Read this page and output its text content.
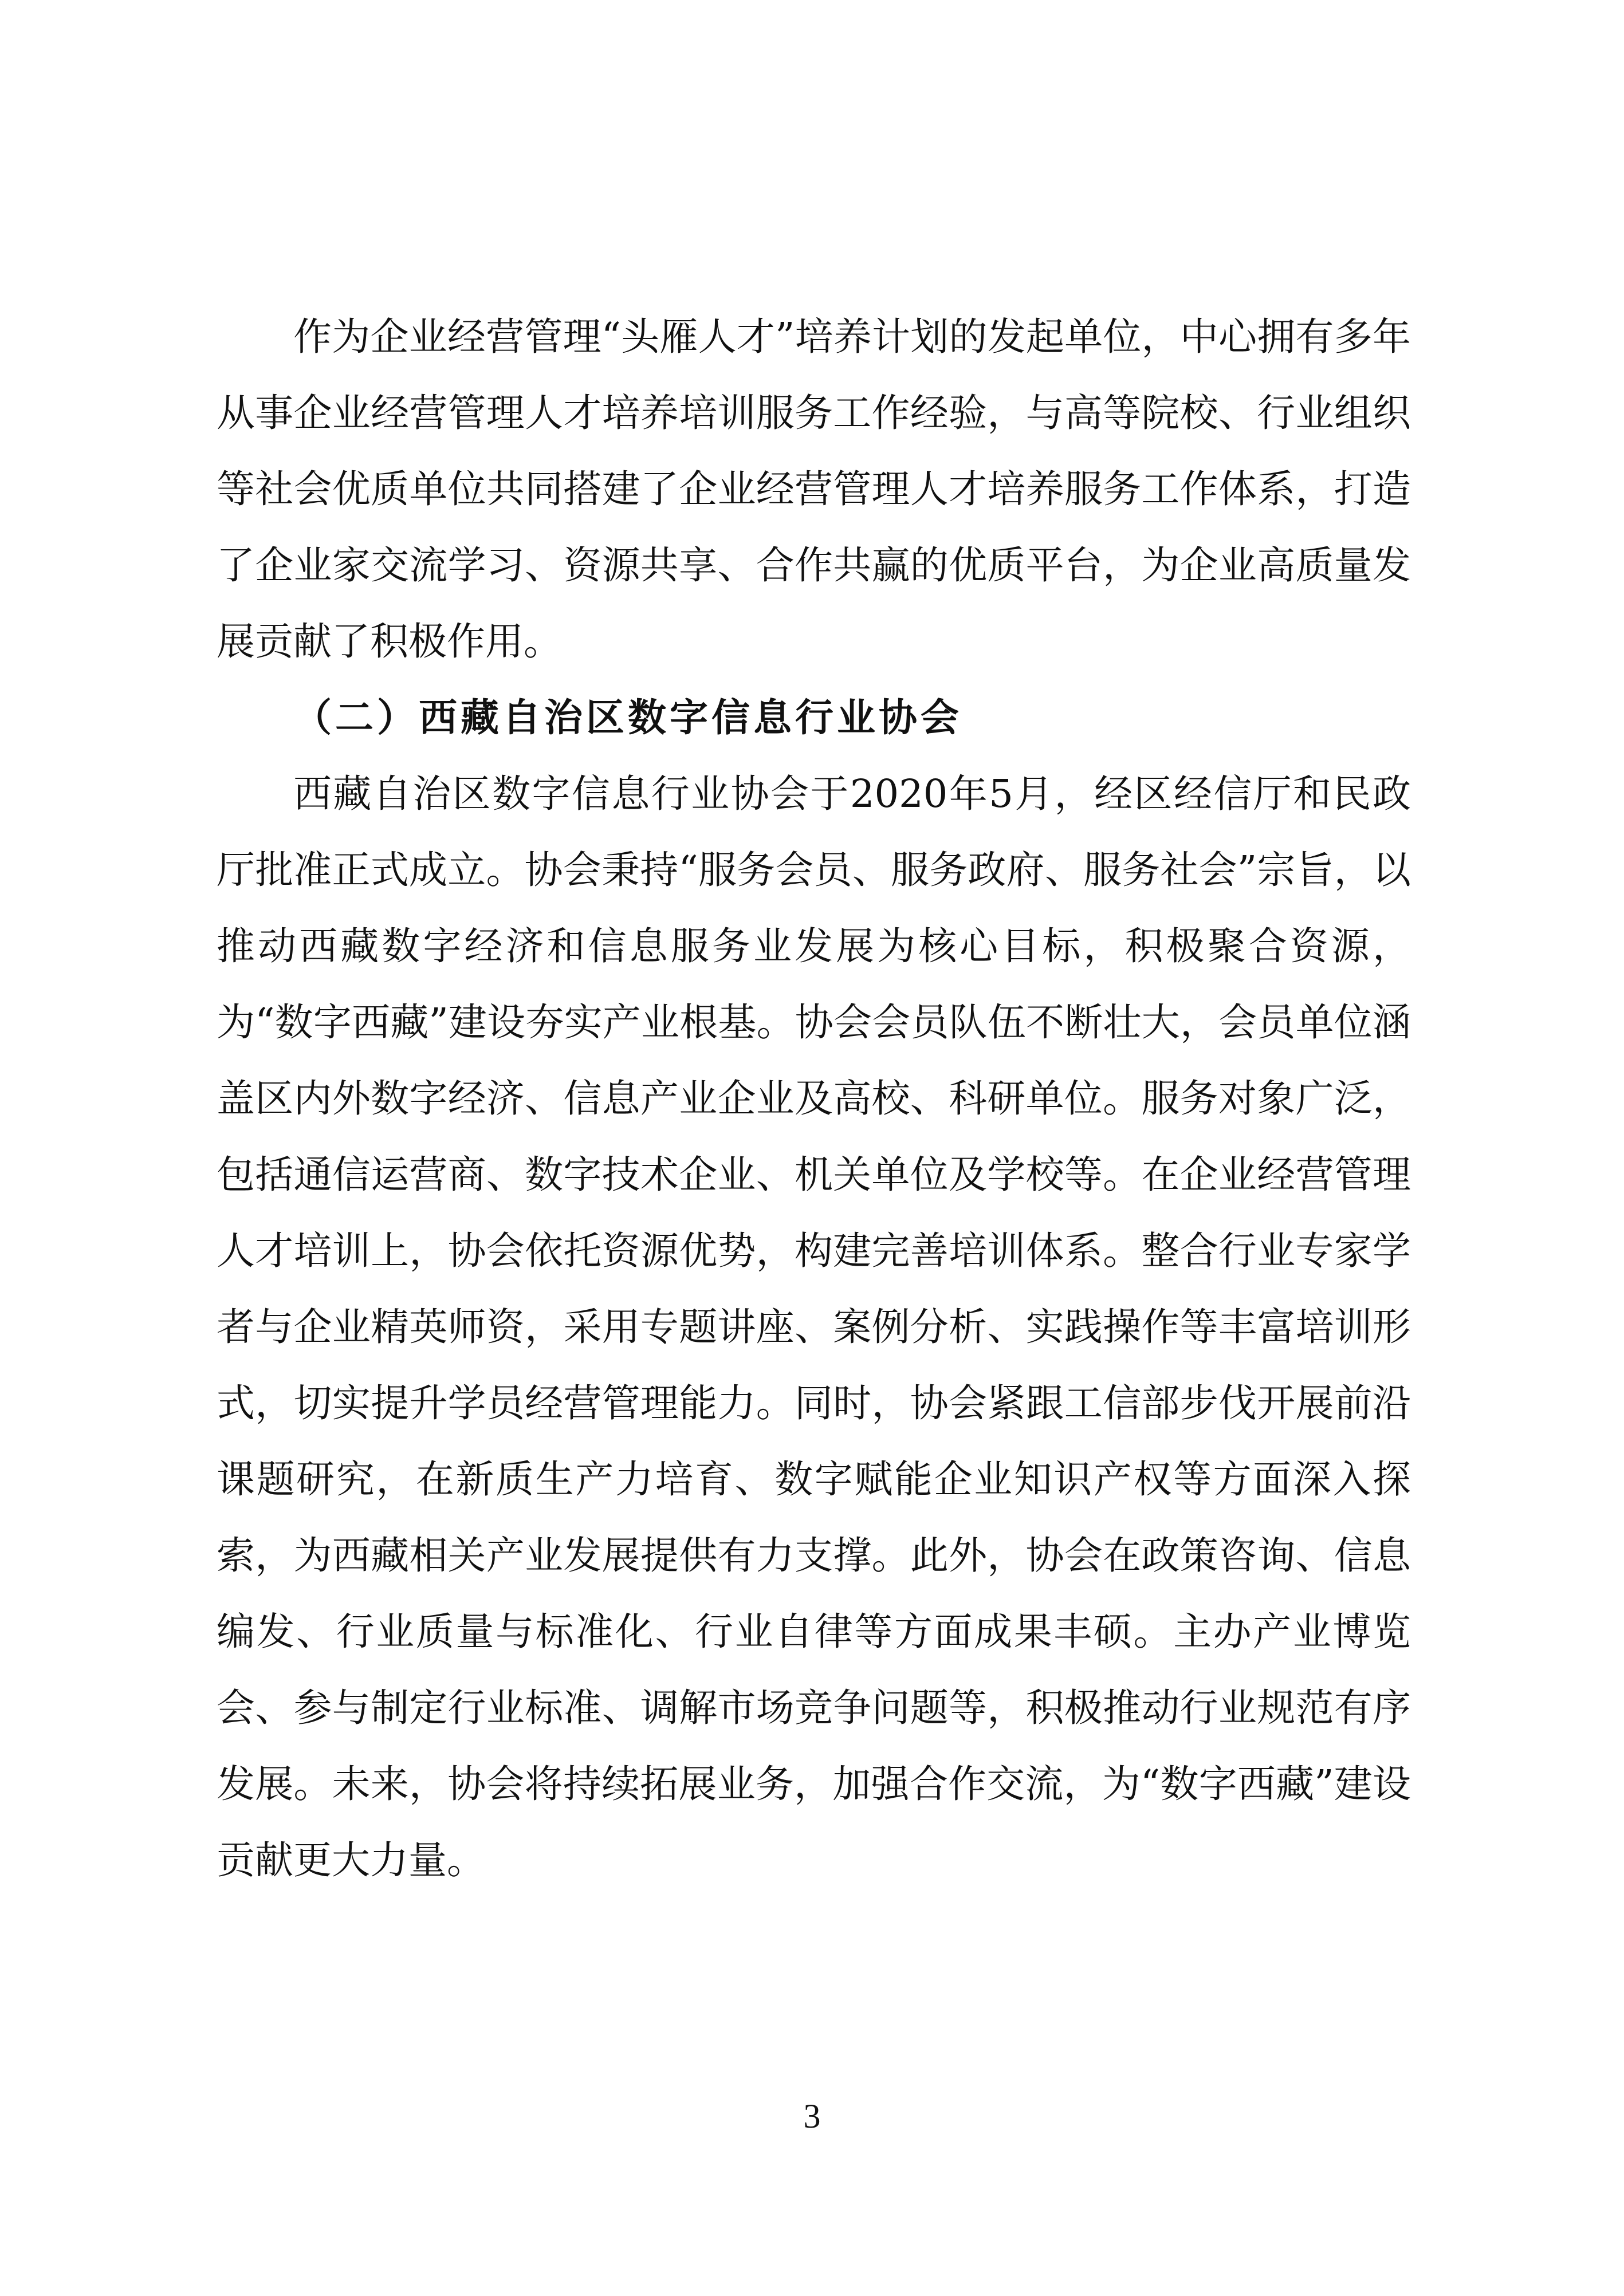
作为企业经营管理“头雁人才”培养计划的发起单位，中心拥有多年从事企业经营管理人才培养培训服务工作经验，与高等院校、行业组织等社会优质单位共同搭建了企业经营管理人才培养服务工作体系，打造了企业家交流学习、资源共享、合作共赢的优质平台，为企业高质量发展贡献了积极作用。

（二）西藏自治区数字信息行业协会

西藏自治区数字信息行业协会于2020年5月，经区经信厅和民政厅批准正式成立。协会秉持“服务会员、服务政府、服务社会”宗旨，以推动西藏数字经济和信息服务业发展为核心目标，积极聚合资源，为“数字西藏”建设夯实产业根基。协会会员队伍不断壮大，会员单位涵盖区内外数字经济、信息产业企业及高校、科研单位。服务对象广泛，包括通信运营商、数字技术企业、机关单位及学校等。在企业经营管理人才培训上，协会依托资源优势，构建完善培训体系。整合行业专家学者与企业精英师资，采用专题讲座、案例分析、实践操作等丰富培训形式，切实提升学员经营管理能力。同时，协会紧跟工信部步伐开展前沿课题研究，在新质生产力培育、数字赋能企业知识产权等方面深入探索，为西藏相关产业发展提供有力支撑。此外，协会在政策咨询、信息编发、行业质量与标准化、行业自律等方面成果丰硕。主办产业博览会、参与制定行业标准、调解市场竞争问题等，积极推动行业规范有序发展。未来，协会将持续拓展业务，加强合作交流，为“数字西藏”建设贡献更大力量。

3
